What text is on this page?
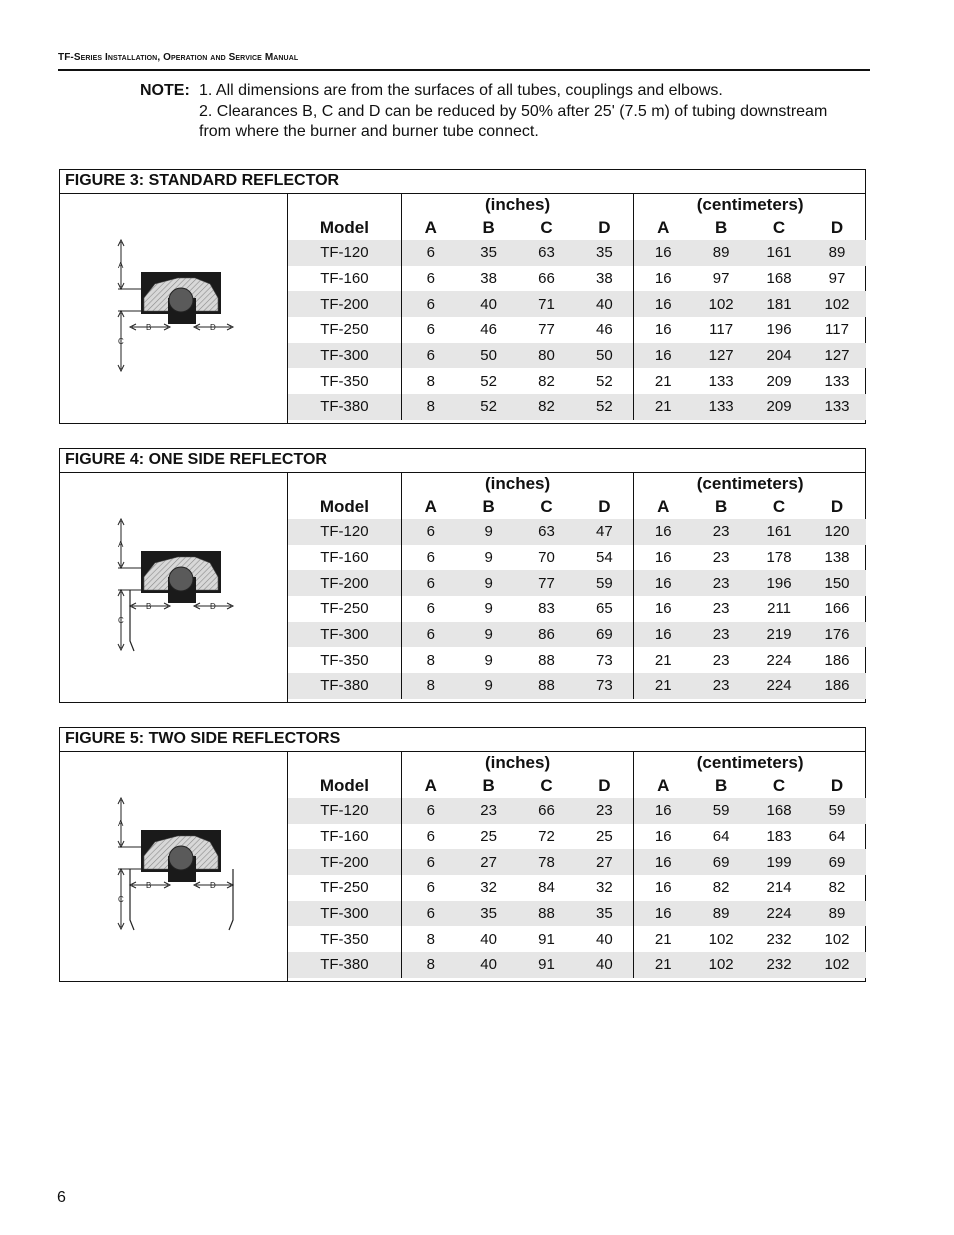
TF-Series Installation, Operation and Service Manual
NOTE: 1. All dimensions are from the surfaces of all tubes, couplings and elbows.
2. Clearances B, C and D can be reduced by 50% after 25' (7.5 m) of tubing downstream
from where the burner and burner tube connect.
FIGURE 3: STANDARD REFLECTOR
A
C
B	D
	(inches)				(centimeters)			
Model	A	B	C	D	A	B	C	D
TF-120	6	35	63	35	16	89	161	89
TF-160	6	38	66	38	16	97	168	97
TF-200	6	40	71	40	16	102	181	102
TF-250	6	46	77	46	16	117	196	117
TF-300	6	50	80	50	16	127	204	127
TF-350	8	52	82	52	21	133	209	133
TF-380	8	52	82	52	21	133	209	133
FIGURE 4: ONE SIDE REFLECTOR
A
C
B	D
	(inches)				(centimeters)			
Model	A	B	C	D	A	B	C	D
TF-120	6	9	63	47	16	23	161	120
TF-160	6	9	70	54	16	23	178	138
TF-200	6	9	77	59	16	23	196	150
TF-250	6	9	83	65	16	23	211	166
TF-300	6	9	86	69	16	23	219	176
TF-350	8	9	88	73	21	23	224	186
TF-380	8	9	88	73	21	23	224	186
FIGURE 5: TWO SIDE REFLECTORS
A
C
B	D
	(inches)				(centimeters)			
Model	A	B	C	D	A	B	C	D
TF-120	6	23	66	23	16	59	168	59
TF-160	6	25	72	25	16	64	183	64
TF-200	6	27	78	27	16	69	199	69
TF-250	6	32	84	32	16	82	214	82
TF-300	6	35	88	35	16	89	224	89
TF-350	8	40	91	40	21	102	232	102
TF-380	8	40	91	40	21	102	232	102
6
